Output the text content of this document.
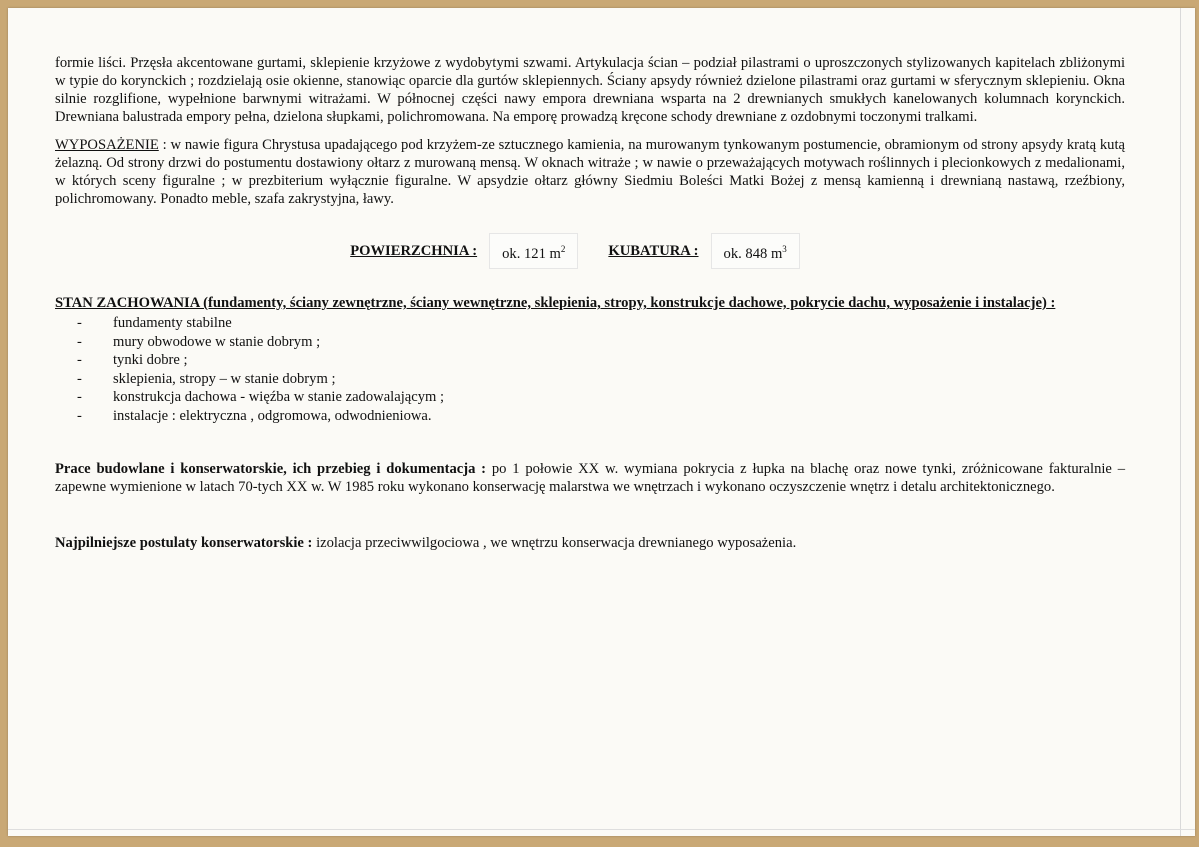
formie liści. Przęsła akcentowane gurtami, sklepienie krzyżowe z wydobytymi szwami. Artykulacja ścian – podział pilastrami o uproszczonych stylizowanych kapitelach zbliżonymi w typie do korynckich ; rozdzielają osie okienne, stanowiąc oparcie dla gurtów sklepiennych. Ściany apsydy również dzielone pilastrami oraz gurtami w sferycznym sklepieniu. Okna silnie rozglifione, wypełnione barwnymi witrażami. W północnej części nawy empora drewniana wsparta na 2 drewnianych smukłych kanelowanych kolumnach korynckich. Drewniana balustrada empory pełna, dzielona słupkami, polichromowana. Na emporę prowadzą kręcone schody drewniane z ozdobnymi toczonymi tralkami.

WYPOSAŻENIE : w nawie figura Chrystusa upadającego pod krzyżem-ze sztucznego kamienia, na murowanym tynkowanym postumencie, obramionym od strony apsydy kratą kutą żelazną. Od strony drzwi do postumentu dostawiony ołtarz z murowaną mensą. W oknach witraże ; w nawie o przeważających motywach roślinnych i plecionkowych z medalionami, w których sceny figuralne ; w prezbiterium wyłącznie figuralne. W apsydzie ołtarz główny Siedmiu Boleści Matki Bożej z mensą kamienną i drewnianą nastawą, rzeźbiony, polichromowany. Ponadto meble, szafa zakrystyjna, ławy.

POWIERZCHNIA :	ok. 121 $m^2$	KUBATURA :	ok. 848 $m^3$

STAN ZACHOWANIA (fundamenty, ściany zewnętrzne, ściany wewnętrzne, sklepienia, stropy, konstrukcje dachowe, pokrycie dachu, wyposażenie i instalacje) :

-	fundamenty stabilne
-	mury obwodowe w stanie dobrym ;
-	tynki dobre ;
-	sklepienia, stropy – w stanie dobrym ;
-	konstrukcja dachowa - więźba w stanie zadowalającym ;
-	instalacje : elektryczna , odgromowa, odwodnieniowa.

Prace budowlane i konserwatorskie, ich przebieg i dokumentacja : po 1 połowie XX w. wymiana pokrycia z łupka na blachę oraz nowe tynki, zróżnicowane fakturalnie – zapewne wymienione w latach 70-tych XX w. W 1985 roku wykonano konserwację malarstwa we wnętrzach i wykonano oczyszczenie wnętrz i detalu architektonicznego.

Najpilniejsze postulaty konserwatorskie : izolacja przeciwwilgociowa , we wnętrzu konserwacja drewnianego wyposażenia.
